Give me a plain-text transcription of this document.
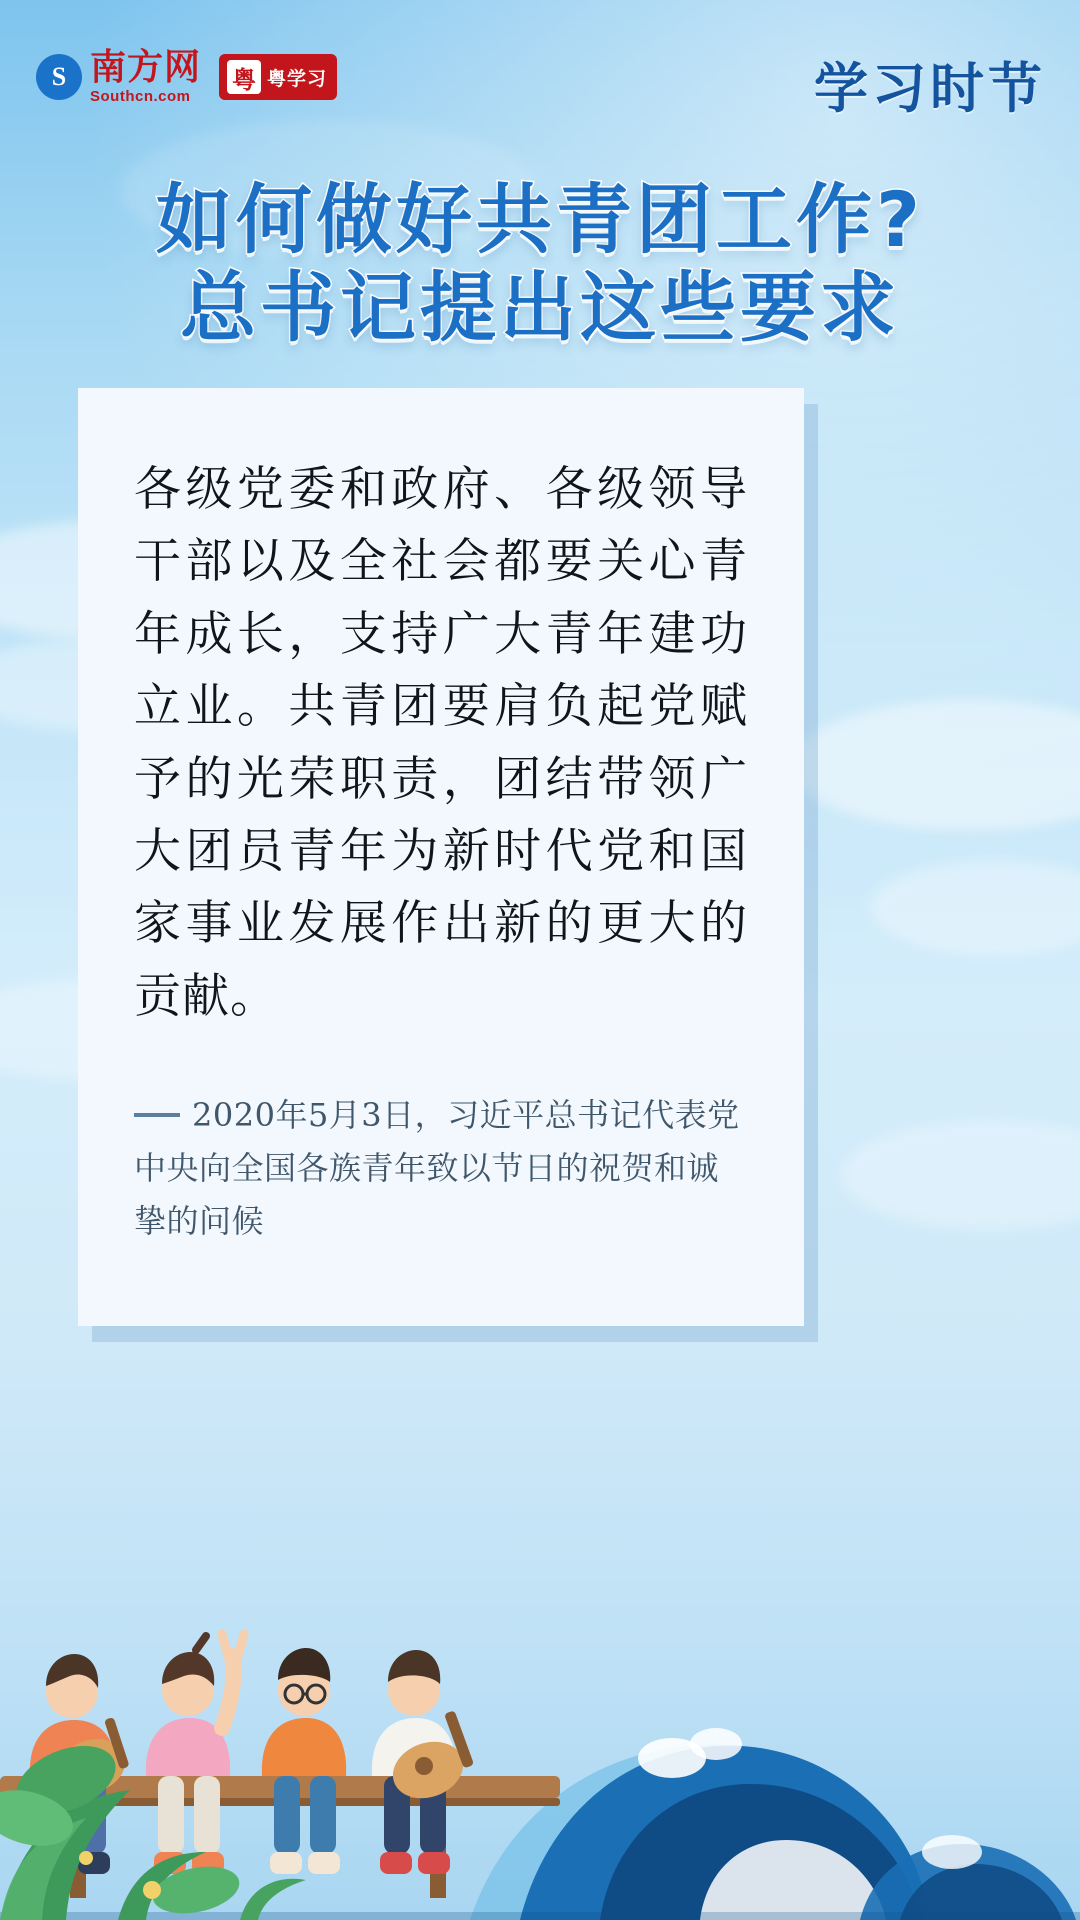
S 南方网
Southcn.com
粤 粤学习	学习时节
如何做好共青团工作?
总书记提出这些要求
各级党委和政府、各级领导干部以及全社会都要关心青年成长，支持广大青年建功立业。共青团要肩负起党赋予的光荣职责，团结带领广大团员青年为新时代党和国家事业发展作出新的更大的贡献。
2020年5月3日，习近平总书记代表党中央向全国各族青年致以节日的祝贺和诚挚的问候
